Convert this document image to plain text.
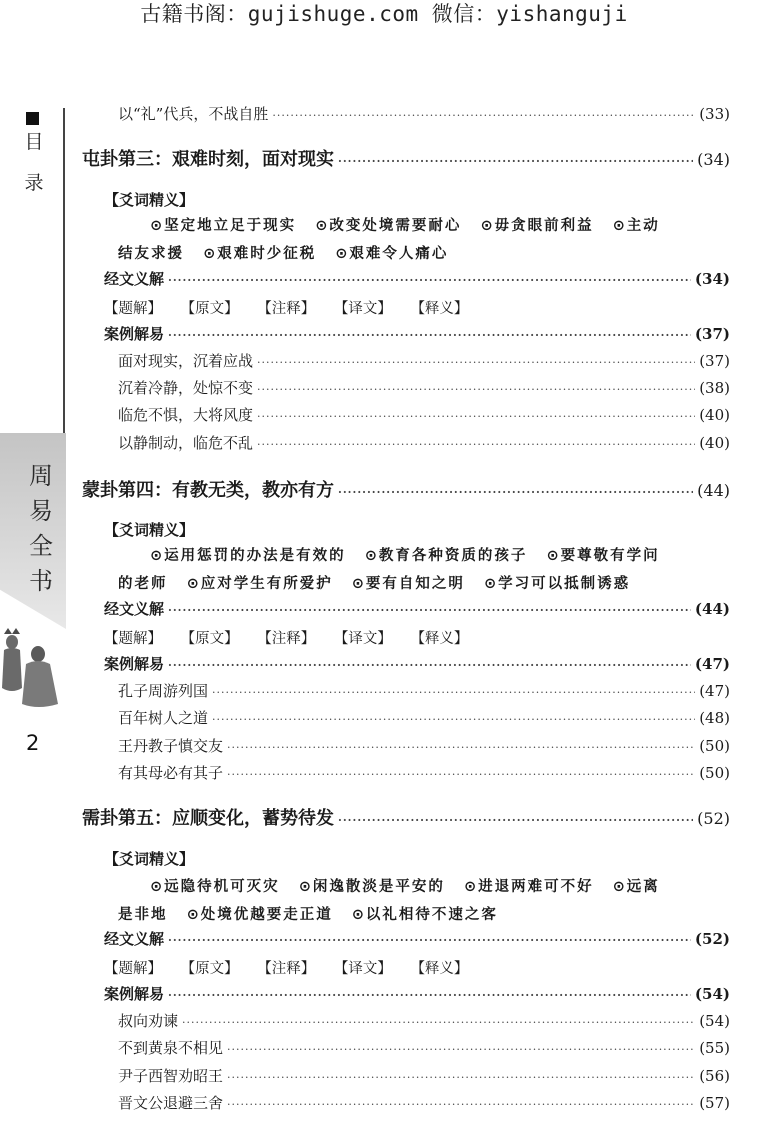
古籍书阁：gujishuge.com 微信：yishanguji
目
录
周
易
全
书
2
以“礼”代兵，不战自胜 ·····	(33)
屯卦第三：艰难时刻，面对现实 ·····	(34)
【爻词精义】
⊙坚定地立足于现实 ⊙改变处境需要耐心 ⊙毋贪眼前利益 ⊙主动
结友求援 ⊙艰难时少征税 ⊙艰难令人痛心
经文义解 ·····	(34)
【题解】 【原文】 【注释】 【译文】 【释义】
案例解易 ·····	(37)
面对现实，沉着应战 ·····	(37)
沉着冷静，处惊不变 ·····	(38)
临危不惧，大将风度 ·····	(40)
以静制动，临危不乱 ·····	(40)
蒙卦第四：有教无类，教亦有方 ·····	(44)
【爻词精义】
⊙运用惩罚的办法是有效的 ⊙教育各种资质的孩子 ⊙要尊敬有学问
的老师 ⊙应对学生有所爱护 ⊙要有自知之明 ⊙学习可以抵制诱惑
经文义解 ·····	(44)
【题解】 【原文】 【注释】 【译文】 【释义】
案例解易 ·····	(47)
孔子周游列国 ·····	(47)
百年树人之道 ·····	(48)
王丹教子慎交友 ·····	(50)
有其母必有其子 ·····	(50)
需卦第五：应顺变化，蓄势待发 ·····	(52)
【爻词精义】
⊙远隐待机可灭灾 ⊙闲逸散淡是平安的 ⊙进退两难可不好 ⊙远离
是非地 ⊙处境优越要走正道 ⊙以礼相待不速之客
经文义解 ·····	(52)
【题解】 【原文】 【注释】 【译文】 【释义】
案例解易 ·····	(54)
叔向劝谏 ·····	(54)
不到黄泉不相见 ·····	(55)
尹子西智劝昭王 ·····	(56)
晋文公退避三舍 ·····	(57)
